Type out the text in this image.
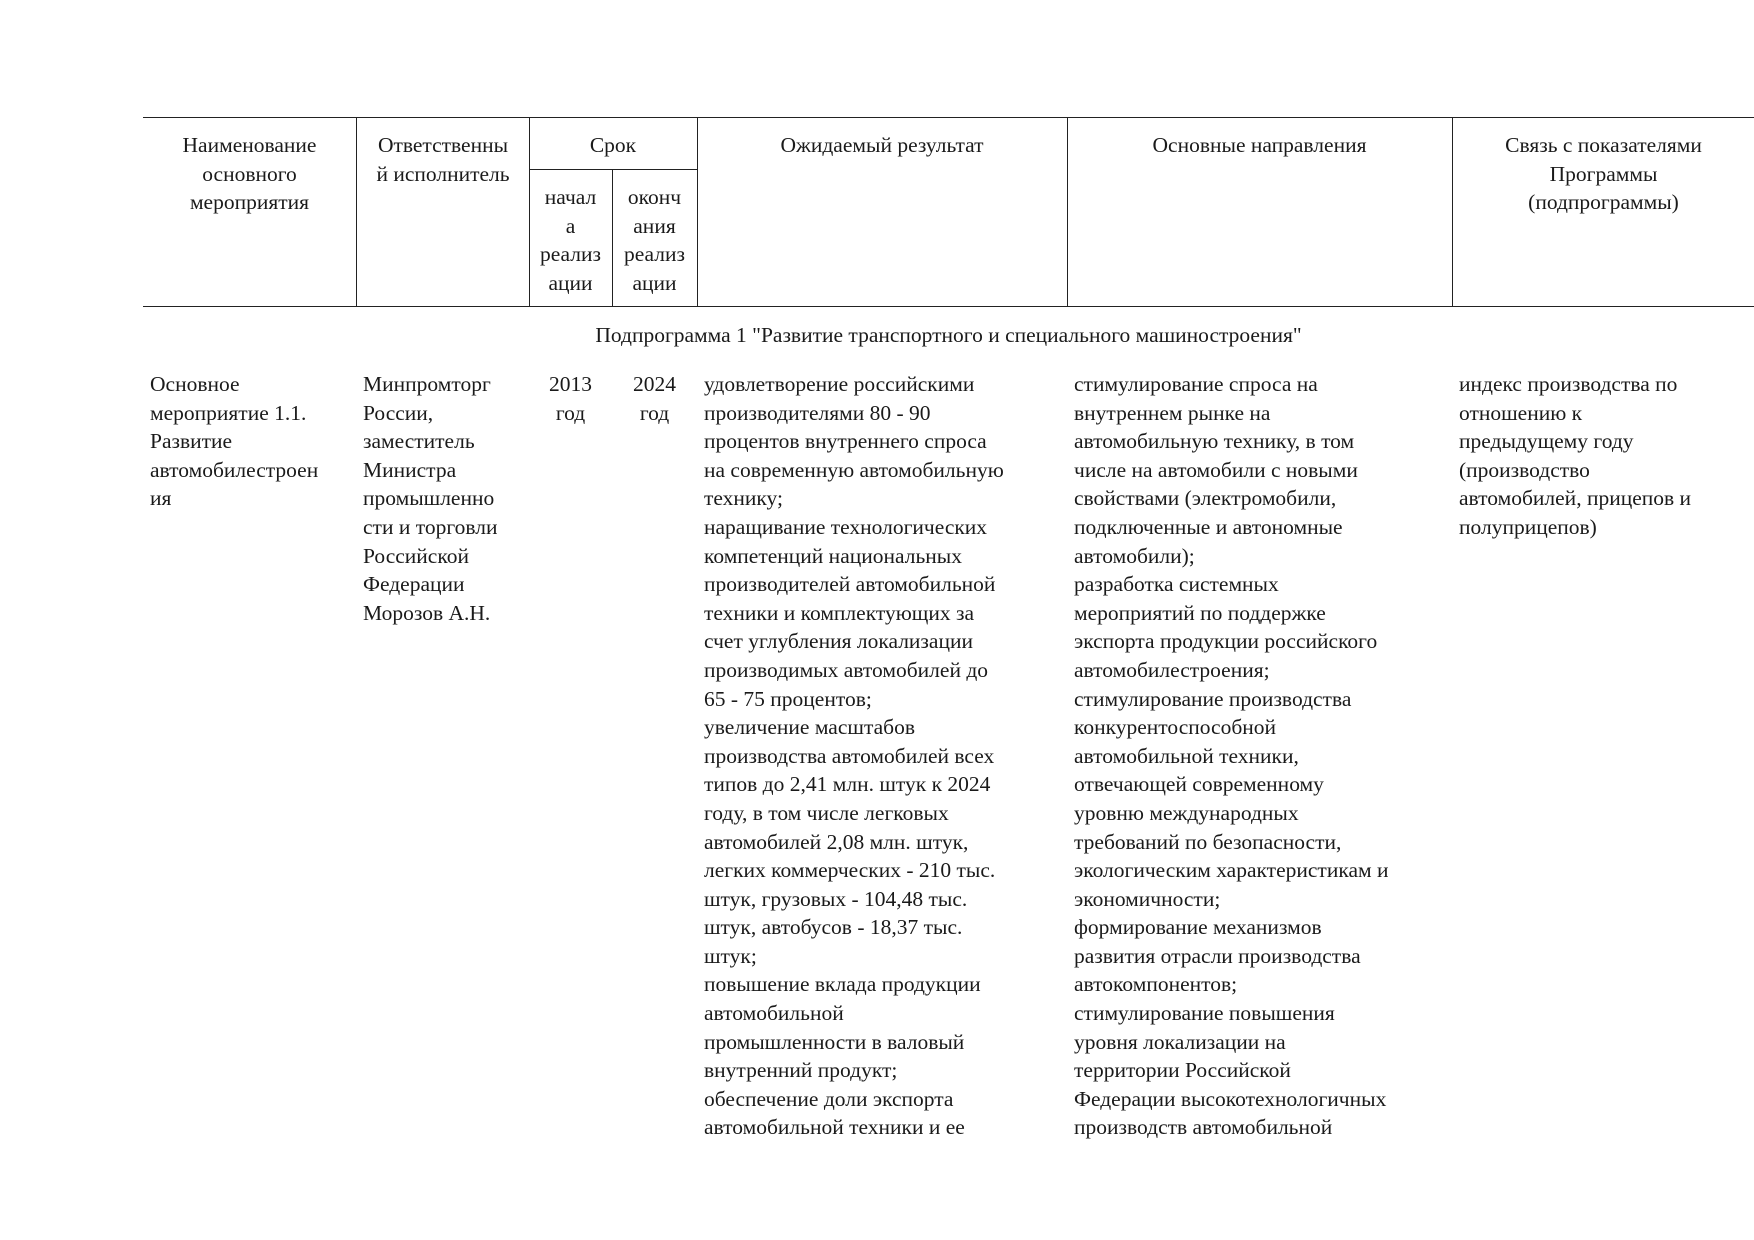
Наименование
основного
мероприятия
Ответственны
й исполнитель
Срок
начал
а
реализ
ации
оконч
ания
реализ
ации
Ожидаемый результат	Основные направления	Связь с показателями
Программы
(подпрограммы)
Подпрограмма 1 "Развитие транспортного и специального машиностроения"
Основное
мероприятие 1.1.
Развитие
автомобилестроен
ия
Минпромторг
России,
заместитель
Министра
промышленно
сти и торговли
Российской
Федерации
Морозов А.Н.
2013
год
2024
год
удовлетворение российскими
производителями 80 - 90
процентов внутреннего спроса
на современную автомобильную
технику;
наращивание технологических
компетенций национальных
производителей автомобильной
техники и комплектующих за
счет углубления локализации
производимых автомобилей до
65 - 75 процентов;
увеличение масштабов
производства автомобилей всех
типов до 2,41 млн. штук к 2024
году, в том числе легковых
автомобилей 2,08 млн. штук,
легких коммерческих - 210 тыс.
штук, грузовых - 104,48 тыс.
штук, автобусов - 18,37 тыс.
штук;
повышение вклада продукции
автомобильной
промышленности в валовый
внутренний продукт;
обеспечение доли экспорта
автомобильной техники и ее
стимулирование спроса на
внутреннем рынке на
автомобильную технику, в том
числе на автомобили с новыми
свойствами (электромобили,
подключенные и автономные
автомобили);
разработка системных
мероприятий по поддержке
экспорта продукции российского
автомобилестроения;
стимулирование производства
конкурентоспособной
автомобильной техники,
отвечающей современному
уровню международных
требований по безопасности,
экологическим характеристикам и
экономичности;
формирование механизмов
развития отрасли производства
автокомпонентов;
стимулирование повышения
уровня локализации на
территории Российской
Федерации высокотехнологичных
производств автомобильной
индекс производства по
отношению к
предыдущему году
(производство
автомобилей, прицепов и
полуприцепов)
